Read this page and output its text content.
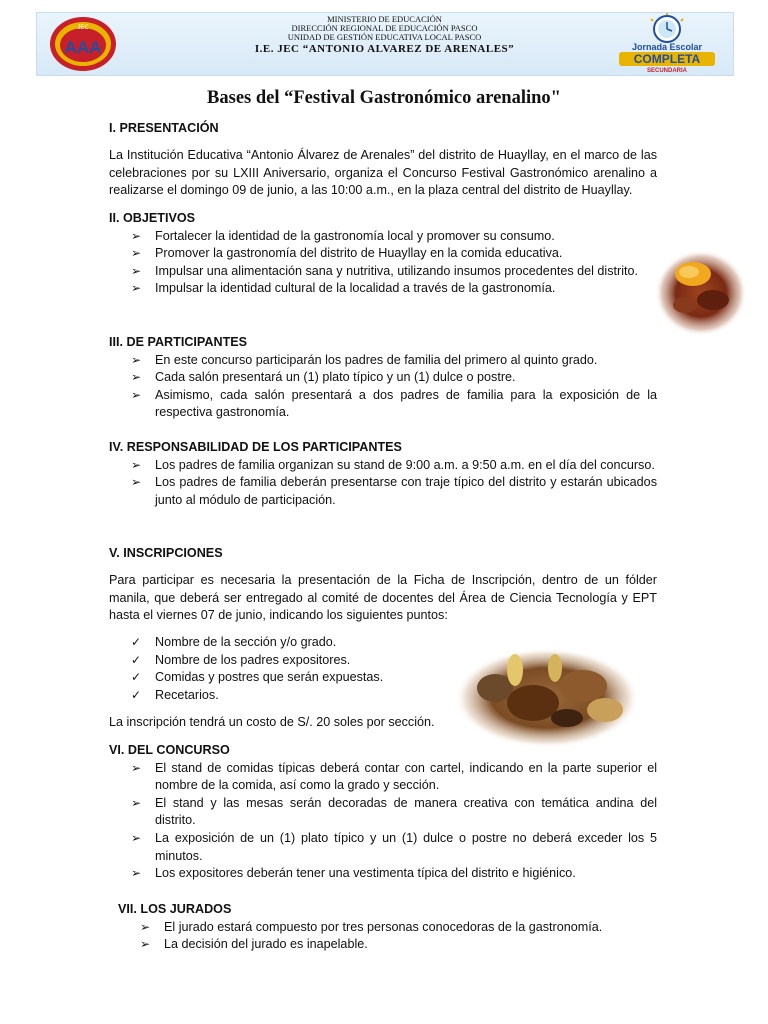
JEC
AAA
MINISTERIO DE EDUCACIÓN
DIRECCIÓN REGIONAL DE EDUCACIÓN PASCO
UNIDAD DE GESTIÓN EDUCATIVA LOCAL PASCO
I.E. JEC “ANTONIO ALVAREZ DE ARENALES”	Jornada Escolar
COMPLETA
SECUNDARIA
Bases del “Festival Gastronómico arenalino"
I. PRESENTACIÓN
La Institución Educativa “Antonio Álvarez de Arenales” del distrito de Huayllay, en el marco de las celebraciones por su LXIII Aniversario, organiza el Concurso Festival Gastronómico arenalino a realizarse el domingo 09 de junio, a las 10:00 a.m., en la plaza central del distrito de Huayllay.
II. OBJETIVOS
➢ Fortalecer la identidad de la gastronomía local y promover su consumo.
➢ Promover la gastronomía del distrito de Huayllay en la comida educativa.
➢ Impulsar una alimentación sana y nutritiva, utilizando insumos procedentes del distrito.
➢ Impulsar la identidad cultural de la localidad a través de la gastronomía.
III. DE PARTICIPANTES
➢ En este concurso participarán los padres de familia del primero al quinto grado.
➢ Cada salón presentará un (1) plato típico y un (1) dulce o postre.
➢ Asimismo, cada salón presentará a dos padres de familia para la exposición de la respectiva gastronomía.
IV. RESPONSABILIDAD DE LOS PARTICIPANTES
➢ Los padres de familia organizan su stand de 9:00 a.m. a 9:50 a.m. en el día del concurso.
➢ Los padres de familia deberán presentarse con traje típico del distrito y estarán ubicados junto al módulo de participación.
V. INSCRIPCIONES
Para participar es necesaria la presentación de la Ficha de Inscripción, dentro de un fólder manila, que deberá ser entregado al comité de docentes del Área de Ciencia Tecnología y EPT hasta el viernes 07 de junio, indicando los siguientes puntos:
✓ Nombre de la sección y/o grado.
✓ Nombre de los padres expositores.
✓ Comidas y postres que serán expuestas.
✓ Recetarios.
La inscripción tendrá un costo de S/. 20 soles por sección.
VI. DEL CONCURSO
➢ El stand de comidas típicas deberá contar con cartel, indicando en la parte superior el nombre de la comida, así como la grado y sección.
➢ El stand y las mesas serán decoradas de manera creativa con temática andina del distrito.
➢ La exposición de un (1) plato típico y un (1) dulce o postre no deberá exceder los 5 minutos.
➢ Los expositores deberán tener una vestimenta típica del distrito e higiénico.
VII. LOS JURADOS
➢ El jurado estará compuesto por tres personas conocedoras de la gastronomía.
➢ La decisión del jurado es inapelable.
